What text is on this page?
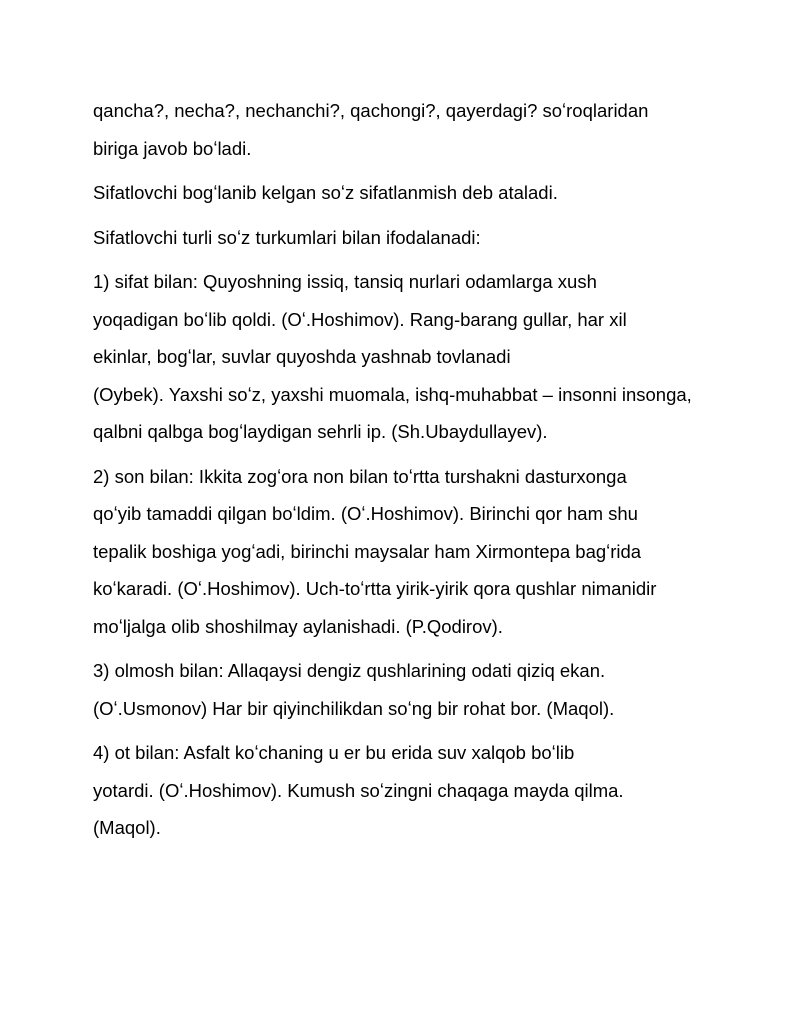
qancha?, necha?, nechanchi?, qachongi?, qayerdagi? soʻroqlaridan
biriga javob boʻladi.
Sifatlovchi bogʻlanib kelgan soʻz sifatlanmish deb ataladi.
Sifatlovchi turli soʻz turkumlari bilan ifodalanadi:
1) sifat bilan: Quyoshning issiq, tansiq nurlari odamlarga xush
yoqadigan boʻlib qoldi. (Oʻ.Hoshimov). Rang-barang gullar, har xil
ekinlar, bogʻlar, suvlar quyoshda yashnab tovlanadi
(Oybek). Yaxshi soʻz, yaxshi muomala, ishq-muhabbat – insonni insonga,
qalbni qalbga bogʻlaydigan sehrli ip. (Sh.Ubaydullayev).
2) son bilan: Ikkita zogʻora non bilan toʻrtta turshakni dasturxonga
qoʻyib tamaddi qilgan boʻldim. (Oʻ.Hoshimov). Birinchi qor ham shu
tepalik boshiga yogʻadi, birinchi maysalar ham Xirmontepa bagʻrida
koʻkaradi. (Oʻ.Hoshimov). Uch-toʻrtta yirik-yirik qora qushlar nimanidir
moʻljalga olib shoshilmay aylanishadi. (P.Qodirov).
3) olmosh bilan: Allaqaysi dengiz qushlarining odati qiziq ekan.
(Oʻ.Usmonov) Har bir qiyinchilikdan soʻng bir rohat bor. (Maqol).
4) ot bilan: Asfalt koʻchaning u er bu erida suv xalqob boʻlib
yotardi. (Oʻ.Hoshimov). Kumush soʻzingni chaqaga mayda qilma.
(Maqol).
